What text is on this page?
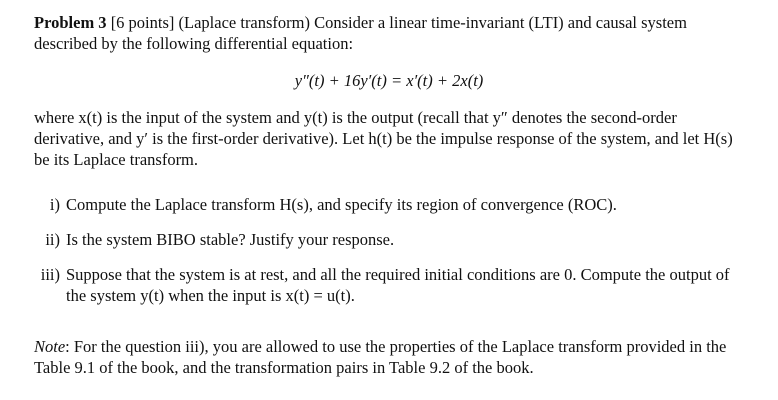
Problem 3 [6 points] (Laplace transform) Consider a linear time-invariant (LTI) and causal system described by the following differential equation:

y″(t) + 16y′(t) = x′(t) + 2x(t)

where x(t) is the input of the system and y(t) is the output (recall that y″ denotes the second-order derivative, and y′ is the first-order derivative). Let h(t) be the impulse response of the system, and let H(s) be its Laplace transform.

i) Compute the Laplace transform H(s), and specify its region of convergence (ROC).
ii) Is the system BIBO stable? Justify your response.
iii) Suppose that the system is at rest, and all the required initial conditions are 0. Compute the output of the system y(t) when the input is x(t) = u(t).

Note: For the question iii), you are allowed to use the properties of the Laplace transform provided in the Table 9.1 of the book, and the transformation pairs in Table 9.2 of the book.
